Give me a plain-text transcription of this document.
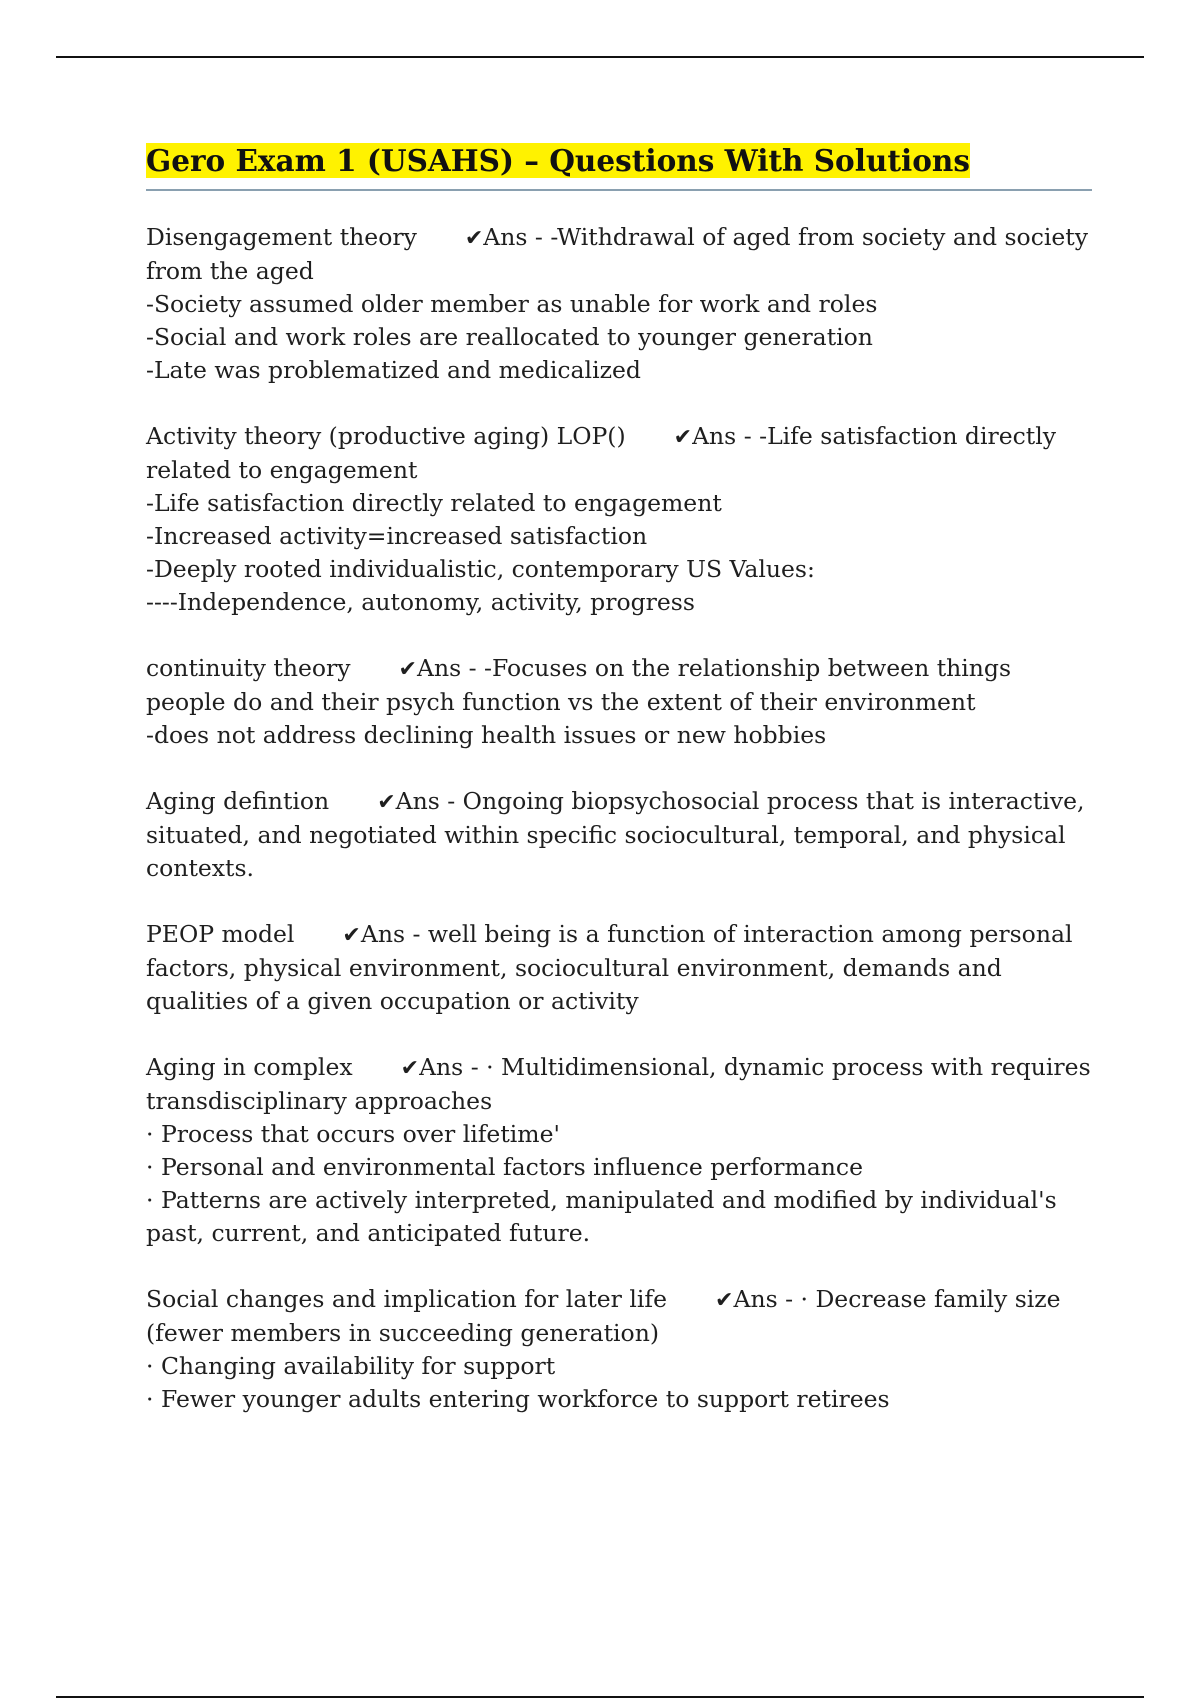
Gero Exam 1 (USAHS) – Questions With Solutions
Disengagement theory ✔Ans - -Withdrawal of aged from society and society from the aged
-Society assumed older member as unable for work and roles
-Social and work roles are reallocated to younger generation
-Late was problematized and medicalized
Activity theory (productive aging) LOP() ✔Ans - -Life satisfaction directly related to engagement
-Life satisfaction directly related to engagement
-Increased activity=increased satisfaction
-Deeply rooted individualistic, contemporary US Values:
----Independence, autonomy, activity, progress
continuity theory ✔Ans - -Focuses on the relationship between things people do and their psych function vs the extent of their environment
-does not address declining health issues or new hobbies
Aging defintion ✔Ans - Ongoing biopsychosocial process that is interactive, situated, and negotiated within specific sociocultural, temporal, and physical contexts.
PEOP model ✔Ans - well being is a function of interaction among personal factors, physical environment, sociocultural environment, demands and qualities of a given occupation or activity
Aging in complex ✔Ans - · Multidimensional, dynamic process with requires transdisciplinary approaches
· Process that occurs over lifetime'
· Personal and environmental factors influence performance
· Patterns are actively interpreted, manipulated and modified by individual's past, current, and anticipated future.
Social changes and implication for later life ✔Ans - · Decrease family size (fewer members in succeeding generation)
· Changing availability for support
· Fewer younger adults entering workforce to support retirees
